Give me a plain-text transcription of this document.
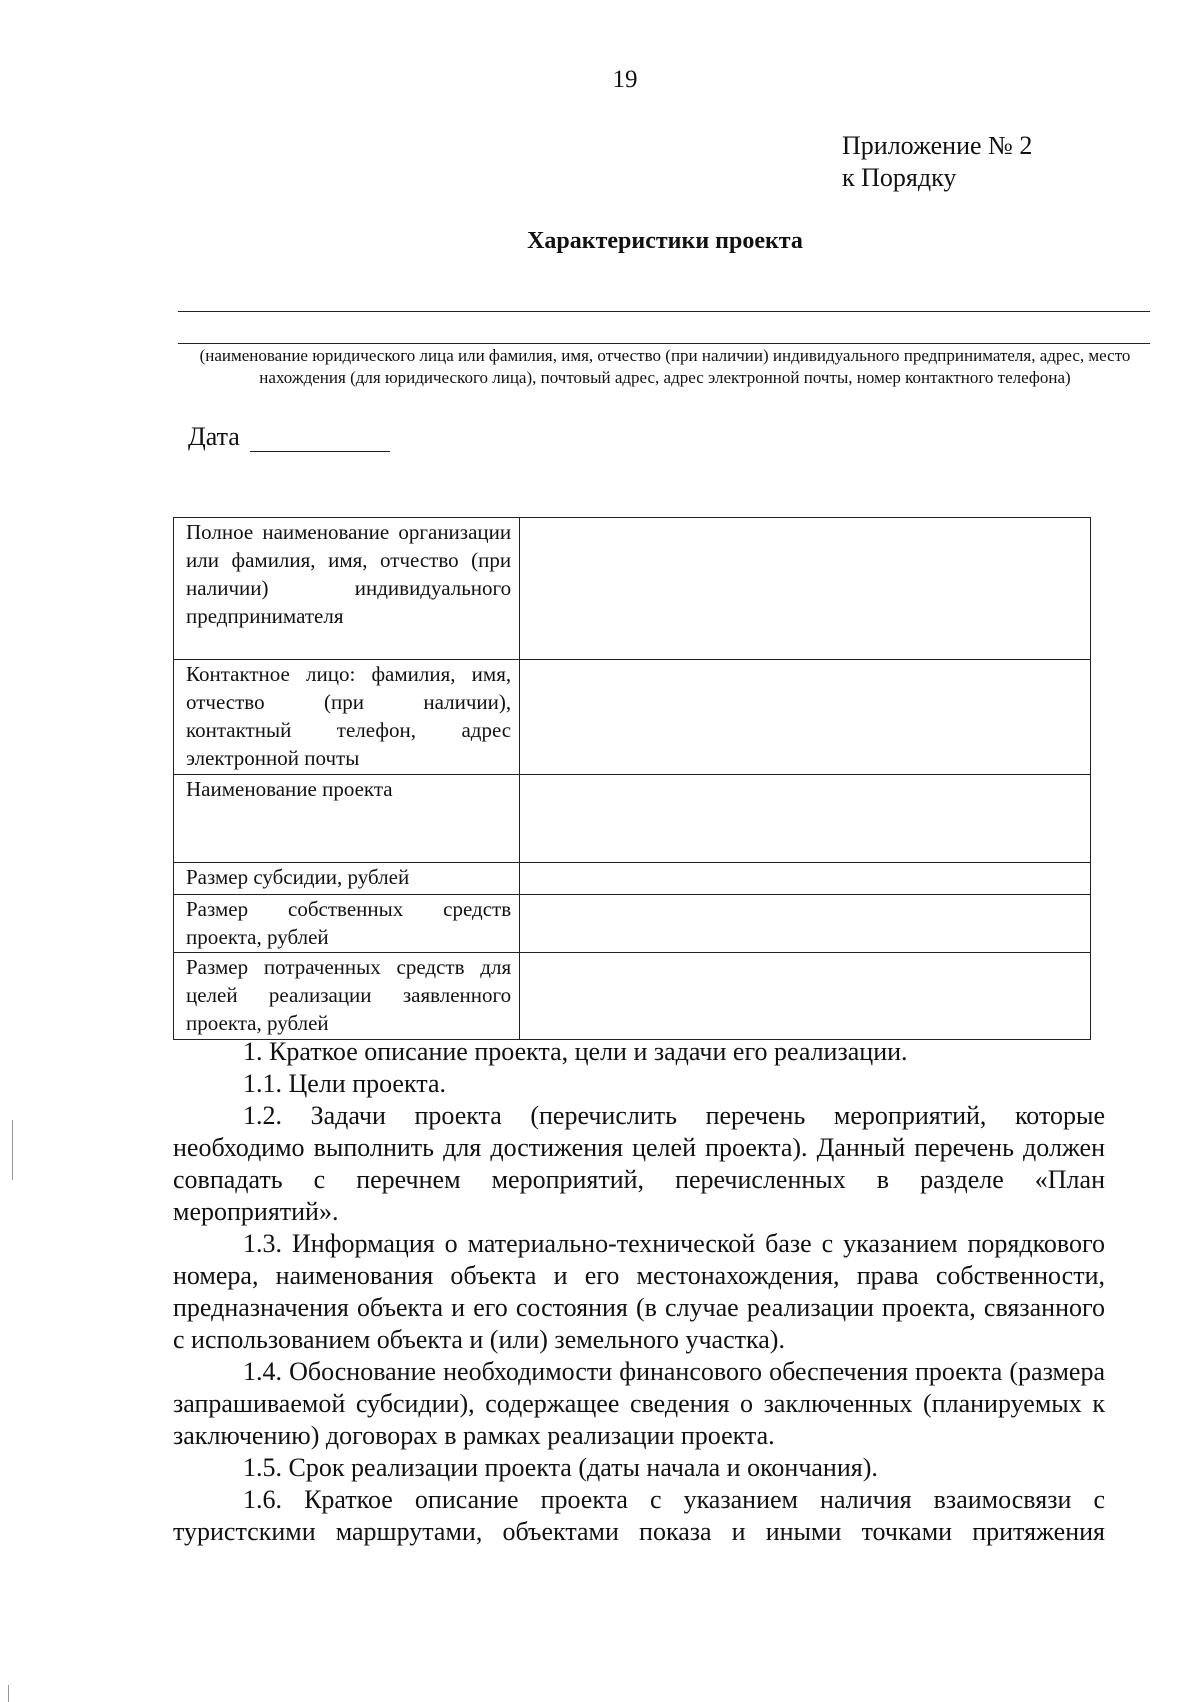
19
Приложение № 2
к Порядку
Характеристики проекта
(наименование юридического лица или фамилия, имя, отчество (при наличии) индивидуального предпринимателя, адрес, место нахождения (для юридического лица), почтовый адрес, адрес электронной почты, номер контактного телефона)
Дата
Полное наименование организации или фамилия, имя, отчество (при наличии) индивидуального предпринимателя	
Контактное лицо: фамилия, имя, отчество (при наличии), контактный телефон, адрес электронной почты	
Наименование проекта	
Размер субсидии, рублей	
Размер собственных средств проекта, рублей	
Размер потраченных средств для целей реализации заявленного проекта, рублей	

1. Краткое описание проекта, цели и задачи его реализации.

1.1. Цели проекта.

1.2. Задачи проекта (перечислить перечень мероприятий, которые необходимо выполнить для достижения целей проекта). Данный перечень должен совпадать с перечнем мероприятий, перечисленных в разделе «План мероприятий».

1.3. Информация о материально-технической базе с указанием порядкового номера, наименования объекта и его местонахождения, права собственности, предназначения объекта и его состояния (в случае реализации проекта, связанного с использованием объекта и (или) земельного участка).

1.4. Обоснование необходимости финансового обеспечения проекта (размера запрашиваемой субсидии), содержащее сведения о заключенных (планируемых к заключению) договорах в рамках реализации проекта.

1.5. Срок реализации проекта (даты начала и окончания).

1.6. Краткое описание проекта с указанием наличия взаимосвязи с туристскими маршрутами, объектами показа и иными точками притяжения
